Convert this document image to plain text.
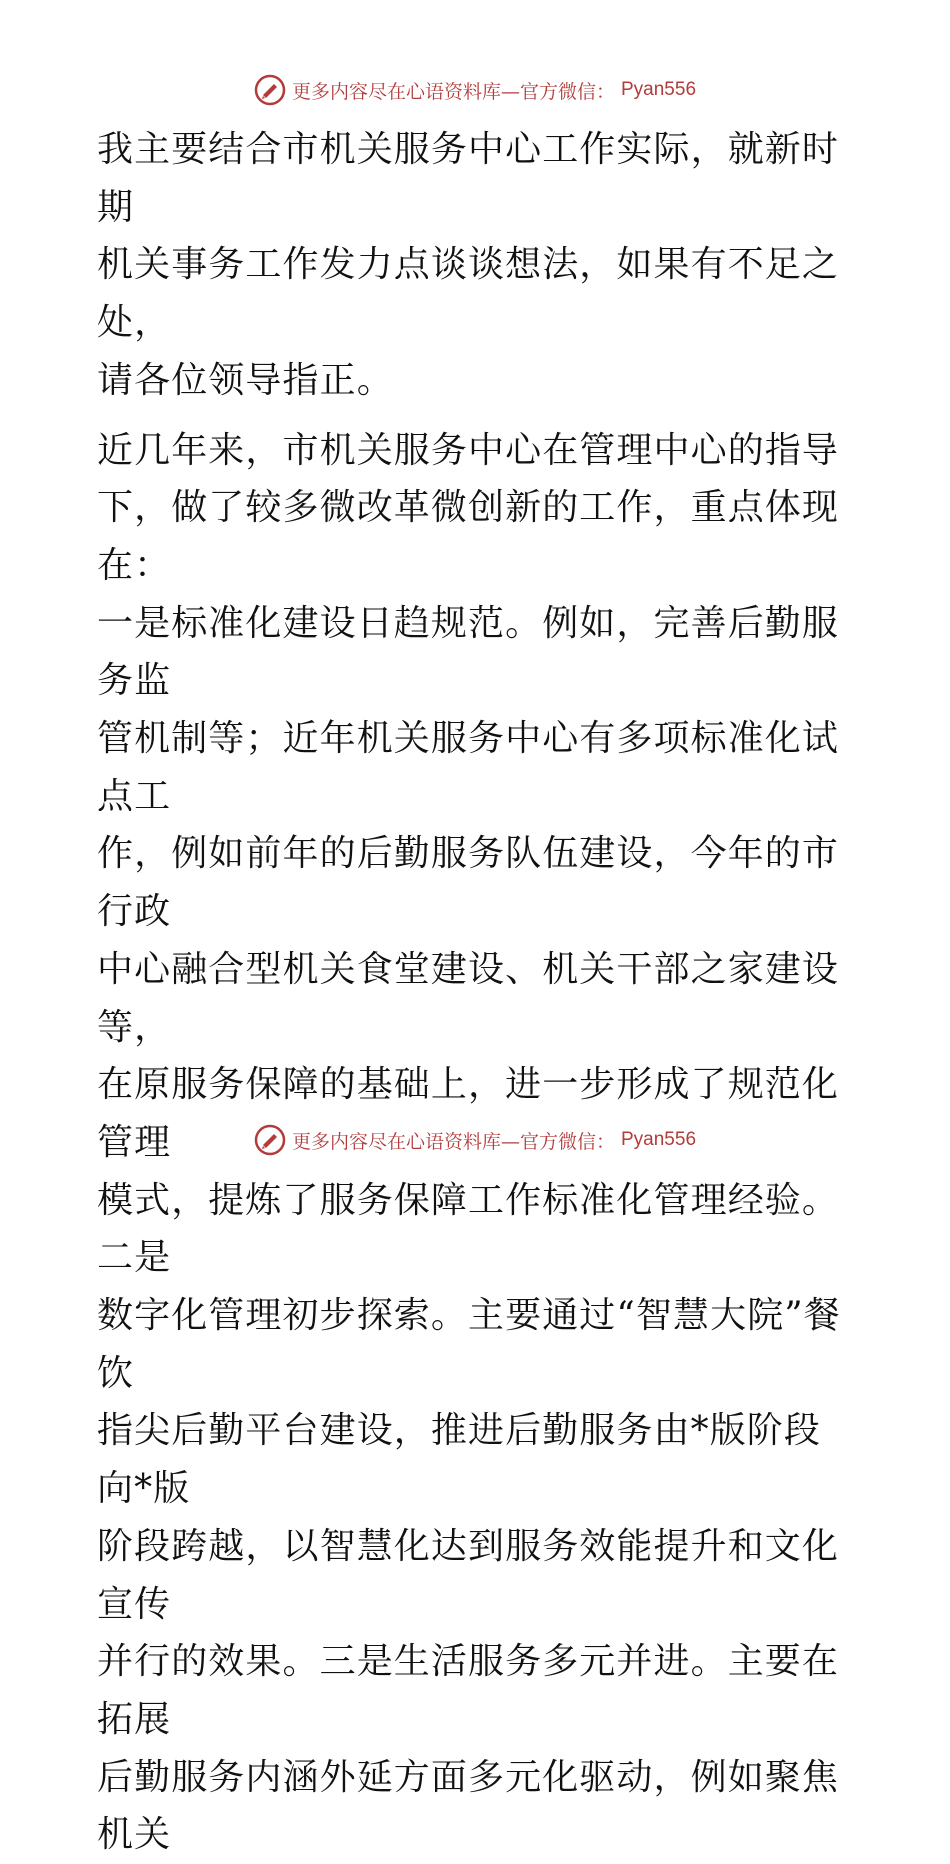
更多内容尽在心语资料库—官方微信： Pyan556

我主要结合市机关服务中心工作实际，就新时期
机关事务工作发力点谈谈想法，如果有不足之处，
请各位领导指正。

近几年来，市机关服务中心在管理中心的指导
下，做了较多微改革微创新的工作，重点体现在：
一是标准化建设日趋规范。例如，完善后勤服务监
管机制等；近年机关服务中心有多项标准化试点工
作，例如前年的后勤服务队伍建设，今年的市行政
中心融合型机关食堂建设、机关干部之家建设等，
在原服务保障的基础上，进一步形成了规范化管理
模式，提炼了服务保障工作标准化管理经验。二是
数字化管理初步探索。主要通过“智慧大院”餐饮
指尖后勤平台建设，推进后勤服务由*版阶段向*版
阶段跨越，以智慧化达到服务效能提升和文化宣传
并行的效果。三是生活服务多元并进。主要在拓展
后勤服务内涵外延方面多元化驱动，例如聚焦机关

更多内容尽在心语资料库—官方微信： Pyan556
